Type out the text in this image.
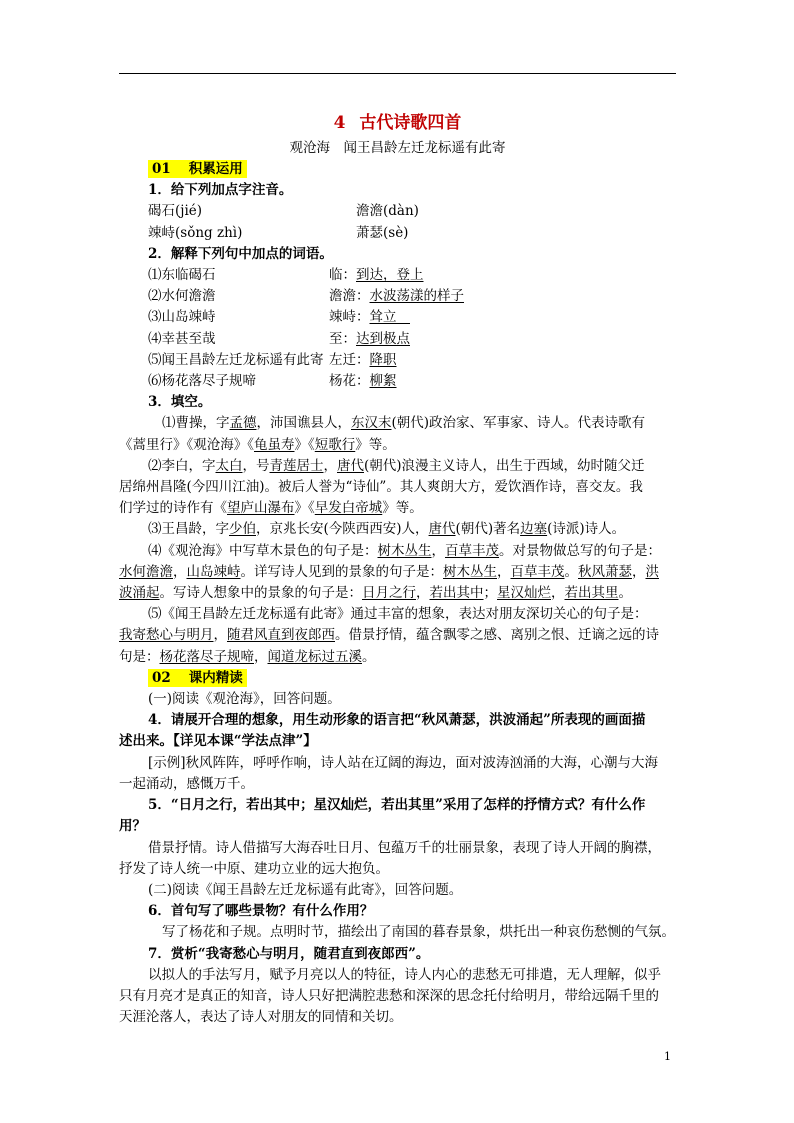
4 古代诗歌四首
观沧海　闻王昌龄左迁龙标遥有此寄
01 积累运用
1．给下列加点字注音。
碣石(jié)	澹澹(dàn)
竦峙(sǒng zhì)	萧瑟(sè)
2．解释下列句中加点的词语。
⑴东临碣石	临： 到达，登上
⑵水何澹澹	澹澹： 水波荡漾的样子
⑶山岛竦峙	竦峙： 耸立　
⑷幸甚至哉	至： 达到极点
⑸闻王昌龄左迁龙标遥有此寄 左迁： 降职
⑹杨花落尽子规啼	杨花： 柳絮
3．填空。
⑴曹操，字孟德，沛国谯县人，东汉末(朝代)政治家、军事家、诗人。代表诗歌有
《蒿里行》《观沧海》《龟虽寿》《短歌行》等。
⑵李白，字太白，号青莲居士，唐代(朝代)浪漫主义诗人，出生于西域，幼时随父迁
居绵州昌隆(今四川江油)。被后人誉为“诗仙”。其人爽朗大方，爱饮酒作诗，喜交友。我
们学过的诗作有《望庐山瀑布》《早发白帝城》等。
⑶王昌龄，字少伯，京兆长安(今陕西西安)人，唐代(朝代)著名边塞(诗派)诗人。
⑷《观沧海》中写草木景色的句子是：树木丛生，百草丰茂。对景物做总写的句子是：
水何澹澹，山岛竦峙。详写诗人见到的景象的句子是：树木丛生，百草丰茂。秋风萧瑟，洪
波涌起。写诗人想象中的景象的句子是：日月之行，若出其中；星汉灿烂，若出其里。
⑸《闻王昌龄左迁龙标遥有此寄》通过丰富的想象，表达对朋友深切关心的句子是：
我寄愁心与明月，随君风直到夜郎西。借景抒情，蕴含飘零之感、离别之恨、迁谪之远的诗
句是：杨花落尽子规啼，闻道龙标过五溪。
02 课内精读
(一)阅读《观沧海》，回答问题。
4．请展开合理的想象，用生动形象的语言把“秋风萧瑟，洪波涌起”所表现的画面描
述出来。【详见本课“学法点津”】
[示例]秋风阵阵，呼呼作响，诗人站在辽阔的海边，面对波涛汹涌的大海，心潮与大海
一起涌动，感慨万千。
5．“日月之行，若出其中；星汉灿烂，若出其里”采用了怎样的抒情方式？有什么作
用？
借景抒情。诗人借描写大海吞吐日月、包蕴万千的壮丽景象，表现了诗人开阔的胸襟，
抒发了诗人统一中原、建功立业的远大抱负。
(二)阅读《闻王昌龄左迁龙标遥有此寄》，回答问题。
6．首句写了哪些景物？有什么作用？
写了杨花和子规。点明时节，描绘出了南国的暮春景象，烘托出一种哀伤愁恻的气氛。
7．赏析“我寄愁心与明月，随君直到夜郎西”。
以拟人的手法写月，赋予月亮以人的特征，诗人内心的悲愁无可排遣，无人理解，似乎
只有月亮才是真正的知音，诗人只好把满腔悲愁和深深的思念托付给明月，带给远隔千里的
天涯沦落人，表达了诗人对朋友的同情和关切。
1
